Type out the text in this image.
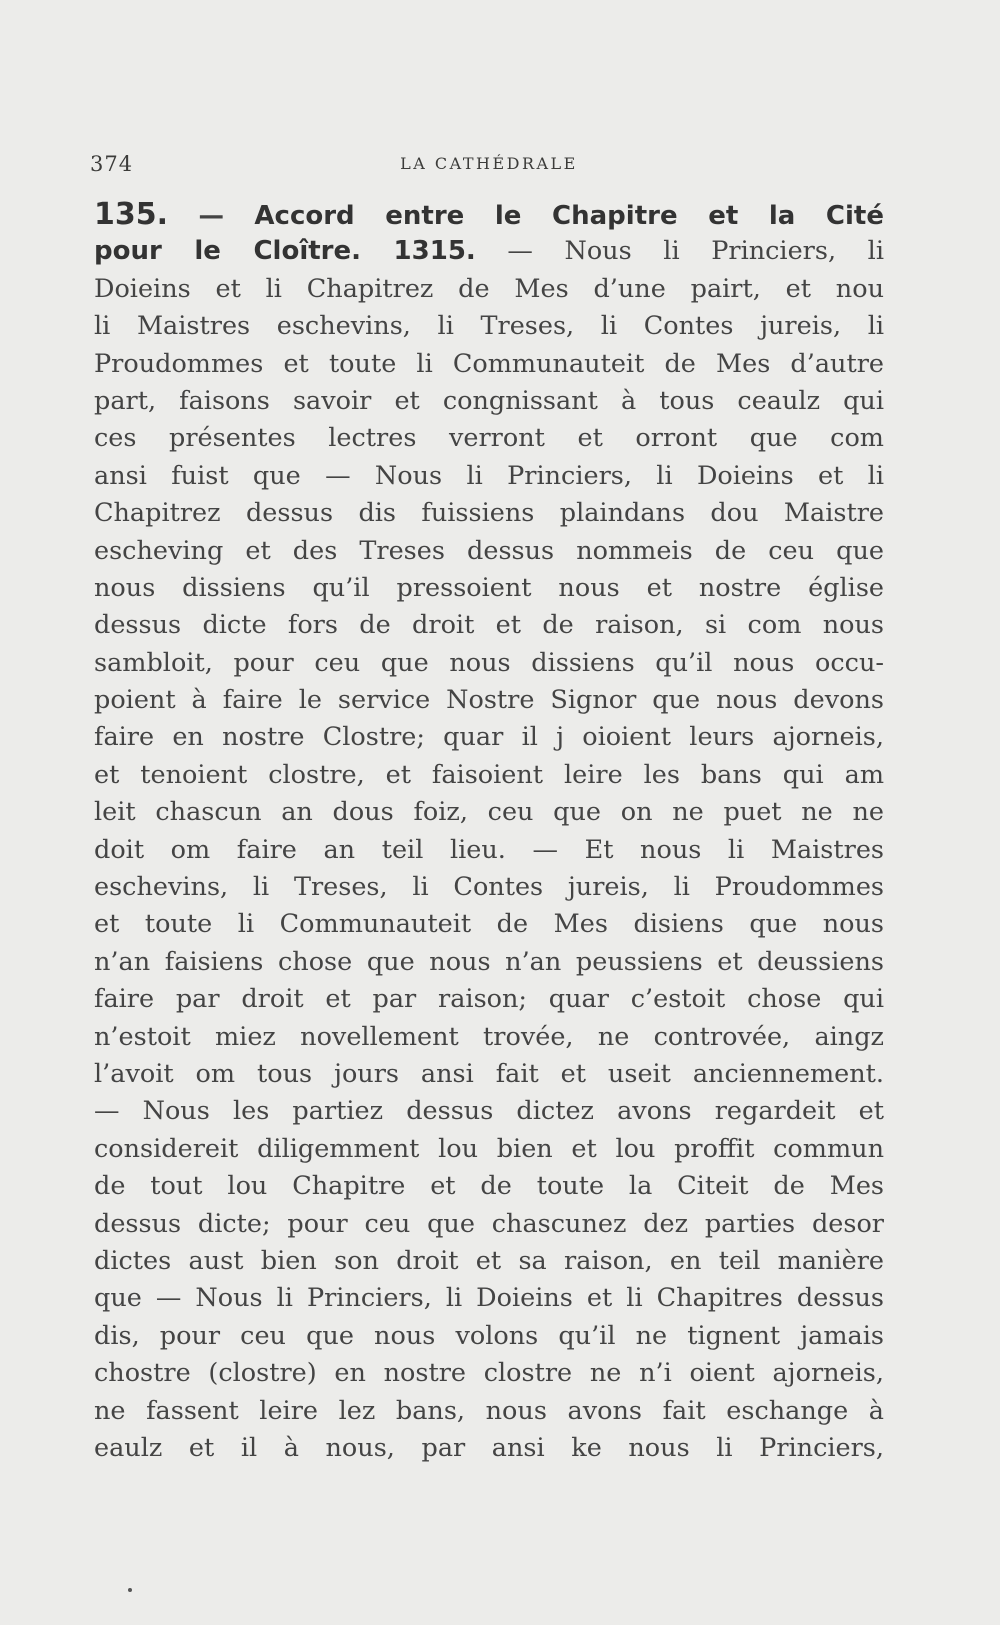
374	LA CATHÉDRALE
135. — Accord entre le Chapitre et la Cité
pour le Cloître. 1315. — Nous li Princiers, li
Doieins et li Chapitrez de Mes d’une pairt, et nou
li Maistres eschevins, li Treses, li Contes jureis, li
Proudommes et toute li Communauteit de Mes d’autre
part, faisons savoir et congnissant à tous ceaulz qui
ces présentes lectres verront et orront que com
ansi fuist que — Nous li Princiers, li Doieins et li
Chapitrez dessus dis fuissiens plaindans dou Maistre
escheving et des Treses dessus nommeis de ceu que
nous dissiens qu’il pressoient nous et nostre église
dessus dicte fors de droit et de raison, si com nous
sambloit, pour ceu que nous dissiens qu’il nous occu-
poient à faire le service Nostre Signor que nous devons
faire en nostre Clostre; quar il j oioient leurs ajorneis,
et tenoient clostre, et faisoient leire les bans qui am
leit chascun an dous foiz, ceu que on ne puet ne ne
doit om faire an teil lieu. — Et nous li Maistres
eschevins, li Treses, li Contes jureis, li Proudommes
et toute li Communauteit de Mes disiens que nous
n’an faisiens chose que nous n’an peussiens et deussiens
faire par droit et par raison; quar c’estoit chose qui
n’estoit miez novellement trovée, ne controvée, aingz
l’avoit om tous jours ansi fait et useit anciennement.
— Nous les partiez dessus dictez avons regardeit et
considereit diligemment lou bien et lou proffit commun
de tout lou Chapitre et de toute la Citeit de Mes
dessus dicte; pour ceu que chascunez dez parties desor
dictes aust bien son droit et sa raison, en teil manière
que — Nous li Princiers, li Doieins et li Chapitres dessus
dis, pour ceu que nous volons qu’il ne tignent jamais
chostre (clostre) en nostre clostre ne n’i oient ajorneis,
ne fassent leire lez bans, nous avons fait eschange à
eaulz et il à nous, par ansi ke nous li Princiers,
